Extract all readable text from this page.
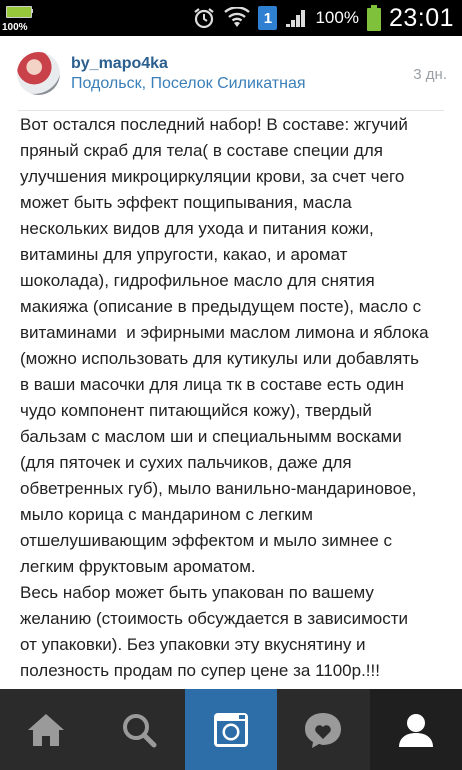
100%
1	100% 23:01
by_mapo4ka
Подольск, Поселок Силикатная
3 дн.
Вот остался последний набор! В составе: жгучий
пряный скраб для тела( в составе специи для
улучшения микроциркуляции крови, за счет чего
может быть эффект пощипывания, масла
нескольких видов для ухода и питания кожи,
витамины для упругости, какао, и аромат
шоколада), гидрофильное масло для снятия
макияжа (описание в предыдущем посте), масло с
витаминами  и эфирными маслом лимона и яблока
(можно использовать для кутикулы или добавлять
в ваши масочки для лица тк в составе есть один
чудо компонент питающийся кожу), твердый
бальзам с маслом ши и специальнымм восками
(для пяточек и сухих пальчиков, даже для
обветренных губ), мыло ванильно-мандариновое,
мыло корица с мандарином с легким
отшелушивающим эффектом и мыло зимнее с
легким фруктовым ароматом.
Весь набор может быть упакован по вашему
желанию (стоимость обсуждается в зависимости
от упаковки). Без упаковки эту вкуснятину и
полезность продам по супер цене за 1100р.!!!
